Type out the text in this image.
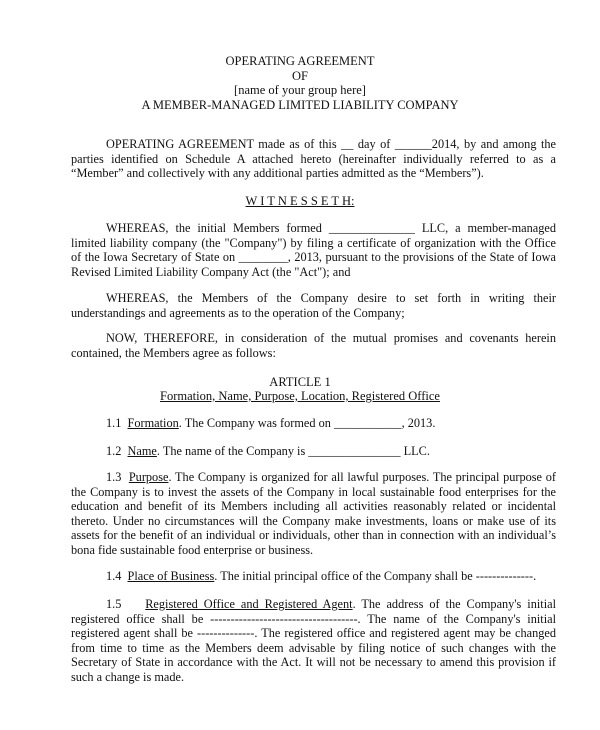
OPERATING AGREEMENT
OF
[name of your group here]
A MEMBER-MANAGED LIMITED LIABILITY COMPANY

OPERATING AGREEMENT made as of this __ day of ______2014, by and among the parties identified on Schedule A attached hereto (hereinafter individually referred to as a “Member” and collectively with any additional parties admitted as the “Members”).

W I T N E S S E T H:

WHEREAS, the initial Members formed ______________ LLC, a member-managed limited liability company (the "Company") by filing a certificate of organization with the Office of the Iowa Secretary of State on ________, 2013, pursuant to the provisions of the State of Iowa Revised Limited Liability Company Act (the "Act"); and

WHEREAS, the Members of the Company desire to set forth in writing their understandings and agreements as to the operation of the Company;

NOW, THEREFORE, in consideration of the mutual promises and covenants herein contained, the Members agree as follows:

ARTICLE 1
Formation, Name, Purpose, Location, Registered Office
1.1 Formation. The Company was formed on ___________, 2013.
1.2 Name. The name of the Company is _______________ LLC.

1.3 Purpose. The Company is organized for all lawful purposes. The principal purpose of the Company is to invest the assets of the Company in local sustainable food enterprises for the education and benefit of its Members including all activities reasonably related or incidental thereto. Under no circumstances will the Company make investments, loans or make use of its assets for the benefit of an individual or individuals, other than in connection with an individual’s bona fide sustainable food enterprise or business.

1.4 Place of Business. The initial principal office of the Company shall be --------------.

1.5 Registered Office and Registered Agent. The address of the Company's initial registered office shall be ------------------------------------. The name of the Company's initial registered agent shall be --------------. The registered office and registered agent may be changed from time to time as the Members deem advisable by filing notice of such changes with the Secretary of State in accordance with the Act. It will not be necessary to amend this provision if such a change is made.
